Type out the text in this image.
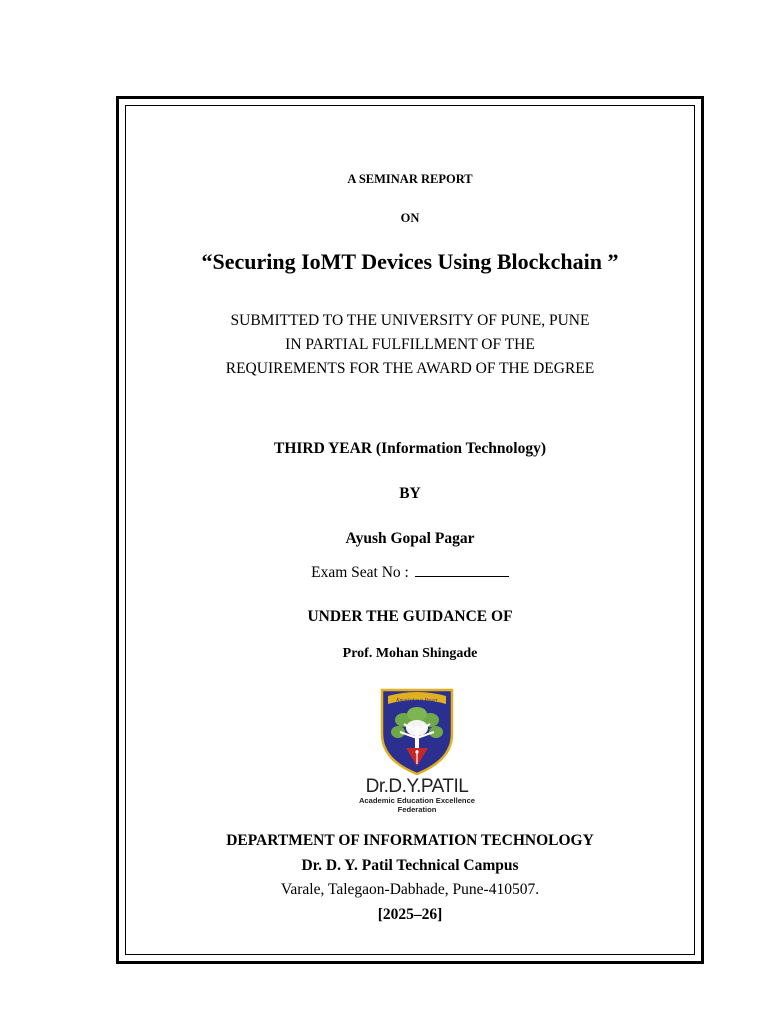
A SEMINAR REPORT
ON
“Securing IoMT Devices Using Blockchain ”
SUBMITTED TO THE UNIVERSITY OF PUNE, PUNE
IN PARTIAL FULFILLMENT OF THE
REQUIREMENTS FOR THE AWARD OF THE DEGREE
THIRD YEAR (Information Technology)
BY
Ayush Gopal Pagar
Exam Seat No :
UNDER THE GUIDANCE OF
Prof. Mohan Shingade
Knowledge is Power
Dr.D.Y.PATIL
Academic Education Excellence
Federation
DEPARTMENT OF INFORMATION TECHNOLOGY
Dr. D. Y. Patil Technical Campus
Varale, Talegaon-Dabhade, Pune-410507.
[2025–26]
